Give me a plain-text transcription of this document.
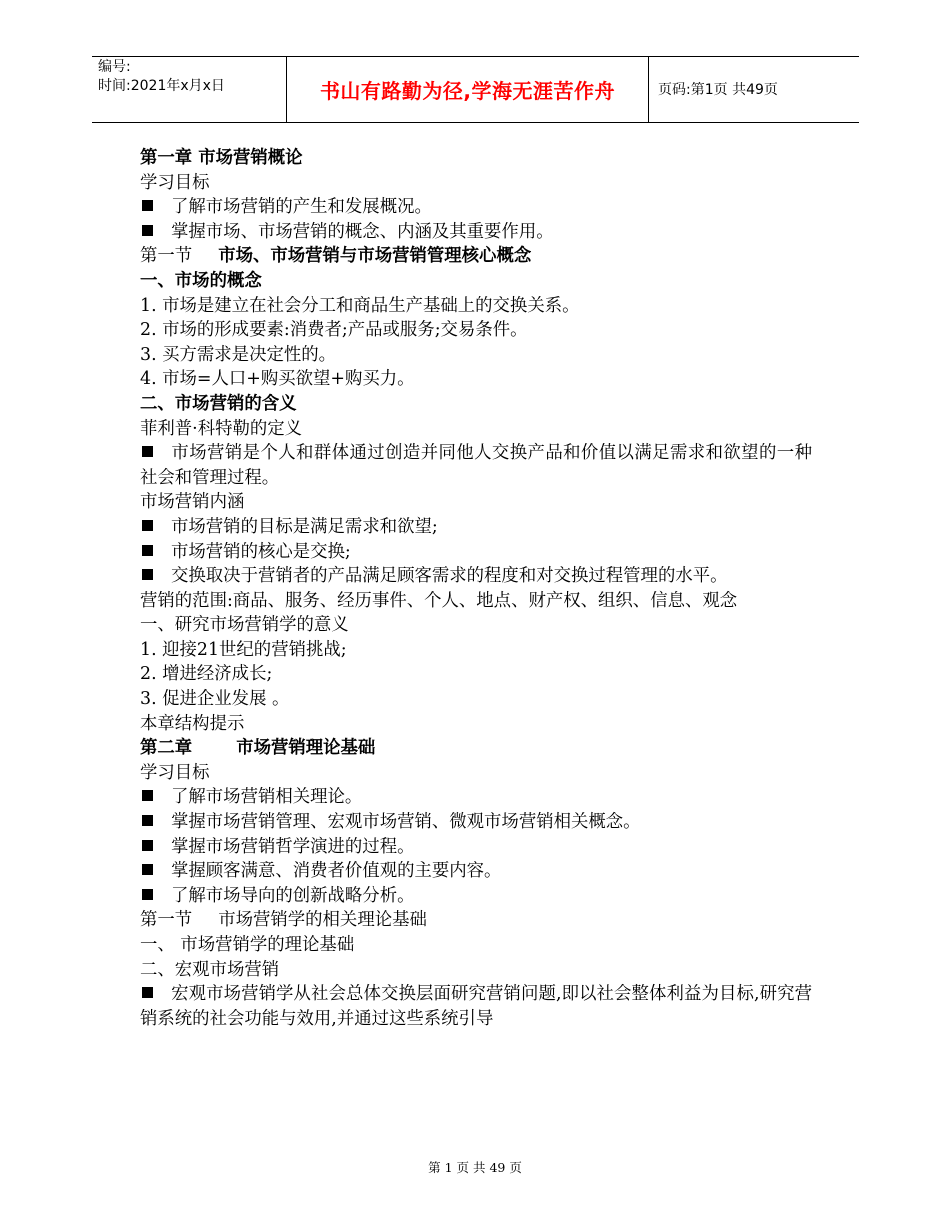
编号:
时间:2021年x月x日	书山有路勤为径,学海无涯苦作舟	页码:第1页 共49页
第一章 市场营销概论
学习目标
了解市场营销的产生和发展概况。
掌握市场、市场营销的概念、内涵及其重要作用。
第一节 市场、市场营销与市场营销管理核心概念
一、市场的概念
1. 市场是建立在社会分工和商品生产基础上的交换关系。
2. 市场的形成要素:消费者;产品或服务;交易条件。
3. 买方需求是决定性的。
4. 市场=人口+购买欲望+购买力。
二、市场营销的含义
菲利普·科特勒的定义
市场营销是个人和群体通过创造并同他人交换产品和价值以满足需求和欲望的一种社会和管理过程。
市场营销内涵
市场营销的目标是满足需求和欲望;
市场营销的核心是交换;
交换取决于营销者的产品满足顾客需求的程度和对交换过程管理的水平。
营销的范围:商品、服务、经历事件、个人、地点、财产权、组织、信息、观念
一、研究市场营销学的意义
1. 迎接21世纪的营销挑战;
2. 增进经济成长;
3. 促进企业发展 。
本章结构提示
第二章	市场营销理论基础
学习目标
了解市场营销相关理论。
掌握市场营销管理、宏观市场营销、微观市场营销相关概念。
掌握市场营销哲学演进的过程。
掌握顾客满意、消费者价值观的主要内容。
了解市场导向的创新战略分析。
第一节 市场营销学的相关理论基础
一、 市场营销学的理论基础
二、宏观市场营销
宏观市场营销学从社会总体交换层面研究营销问题,即以社会整体利益为目标,研究营销系统的社会功能与效用,并通过这些系统引导
第 1 页 共 49 页
